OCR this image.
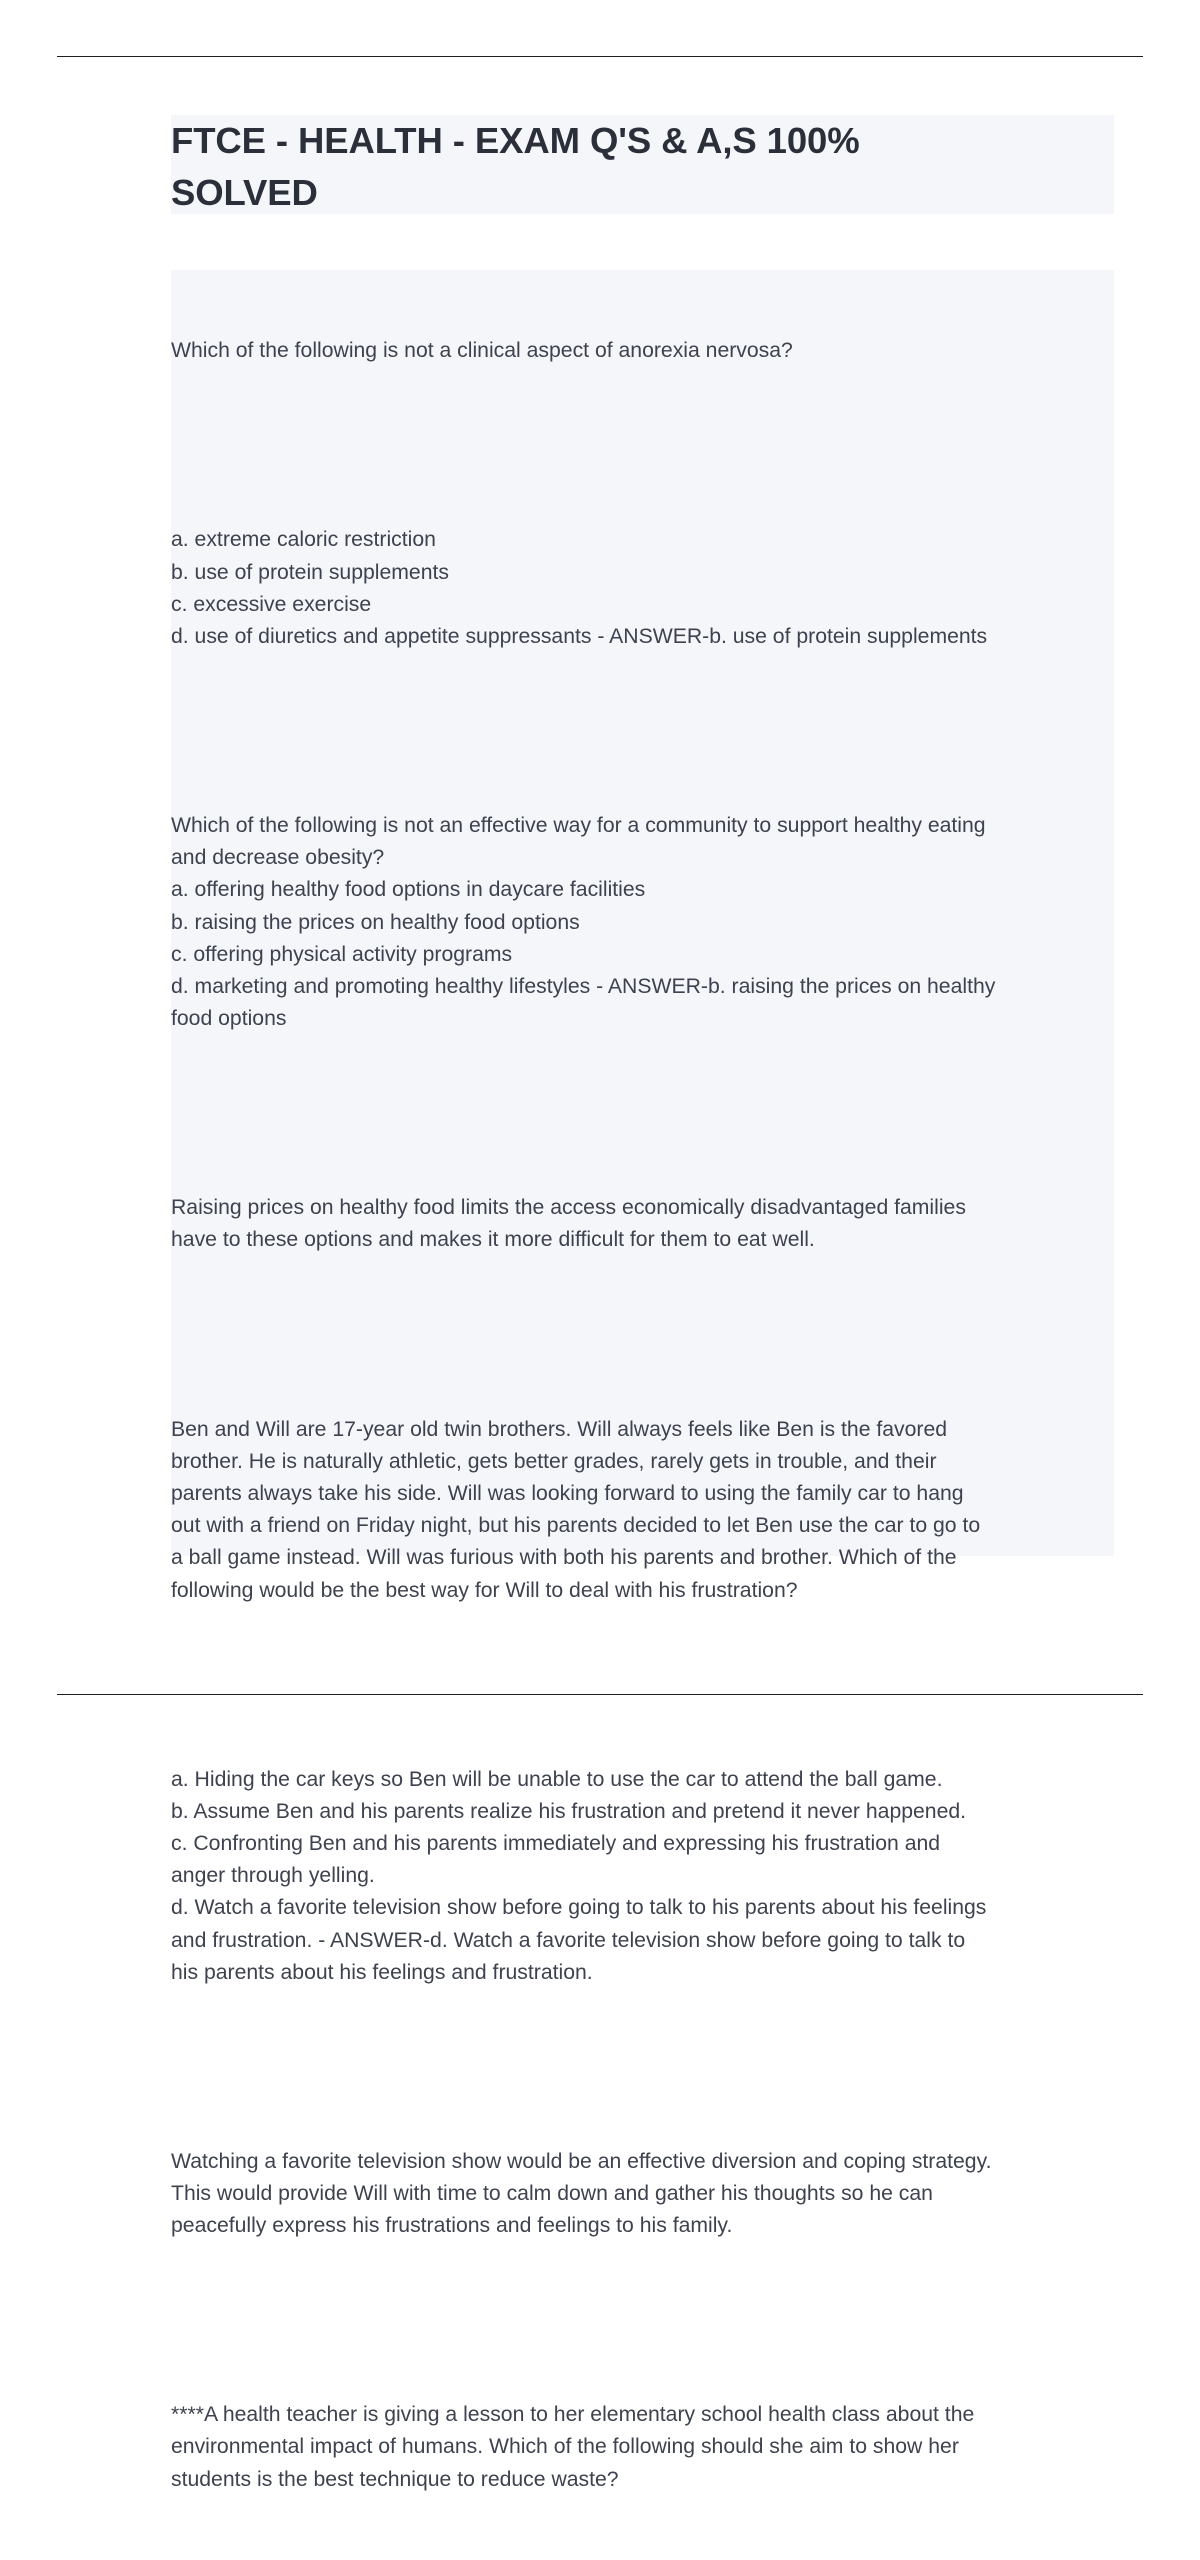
FTCE - HEALTH - EXAM Q'S & A,S 100%
SOLVED

Which of the following is not a clinical aspect of anorexia nervosa?

a. extreme caloric restriction
b. use of protein supplements
c. excessive exercise
d. use of diuretics and appetite suppressants - ANSWER-b. use of protein supplements

Which of the following is not an effective way for a community to support healthy eating
and decrease obesity?
a. offering healthy food options in daycare facilities
b. raising the prices on healthy food options
c. offering physical activity programs
d. marketing and promoting healthy lifestyles - ANSWER-b. raising the prices on healthy
food options

Raising prices on healthy food limits the access economically disadvantaged families
have to these options and makes it more difficult for them to eat well.

Ben and Will are 17-year old twin brothers. Will always feels like Ben is the favored
brother. He is naturally athletic, gets better grades, rarely gets in trouble, and their
parents always take his side. Will was looking forward to using the family car to hang
out with a friend on Friday night, but his parents decided to let Ben use the car to go to
a ball game instead. Will was furious with both his parents and brother. Which of the
following would be the best way for Will to deal with his frustration?

a. Hiding the car keys so Ben will be unable to use the car to attend the ball game.
b. Assume Ben and his parents realize his frustration and pretend it never happened.
c. Confronting Ben and his parents immediately and expressing his frustration and
anger through yelling.
d. Watch a favorite television show before going to talk to his parents about his feelings
and frustration. - ANSWER-d. Watch a favorite television show before going to talk to
his parents about his feelings and frustration.

Watching a favorite television show would be an effective diversion and coping strategy.
This would provide Will with time to calm down and gather his thoughts so he can
peacefully express his frustrations and feelings to his family.

****A health teacher is giving a lesson to her elementary school health class about the
environmental impact of humans. Which of the following should she aim to show her
students is the best technique to reduce waste?
